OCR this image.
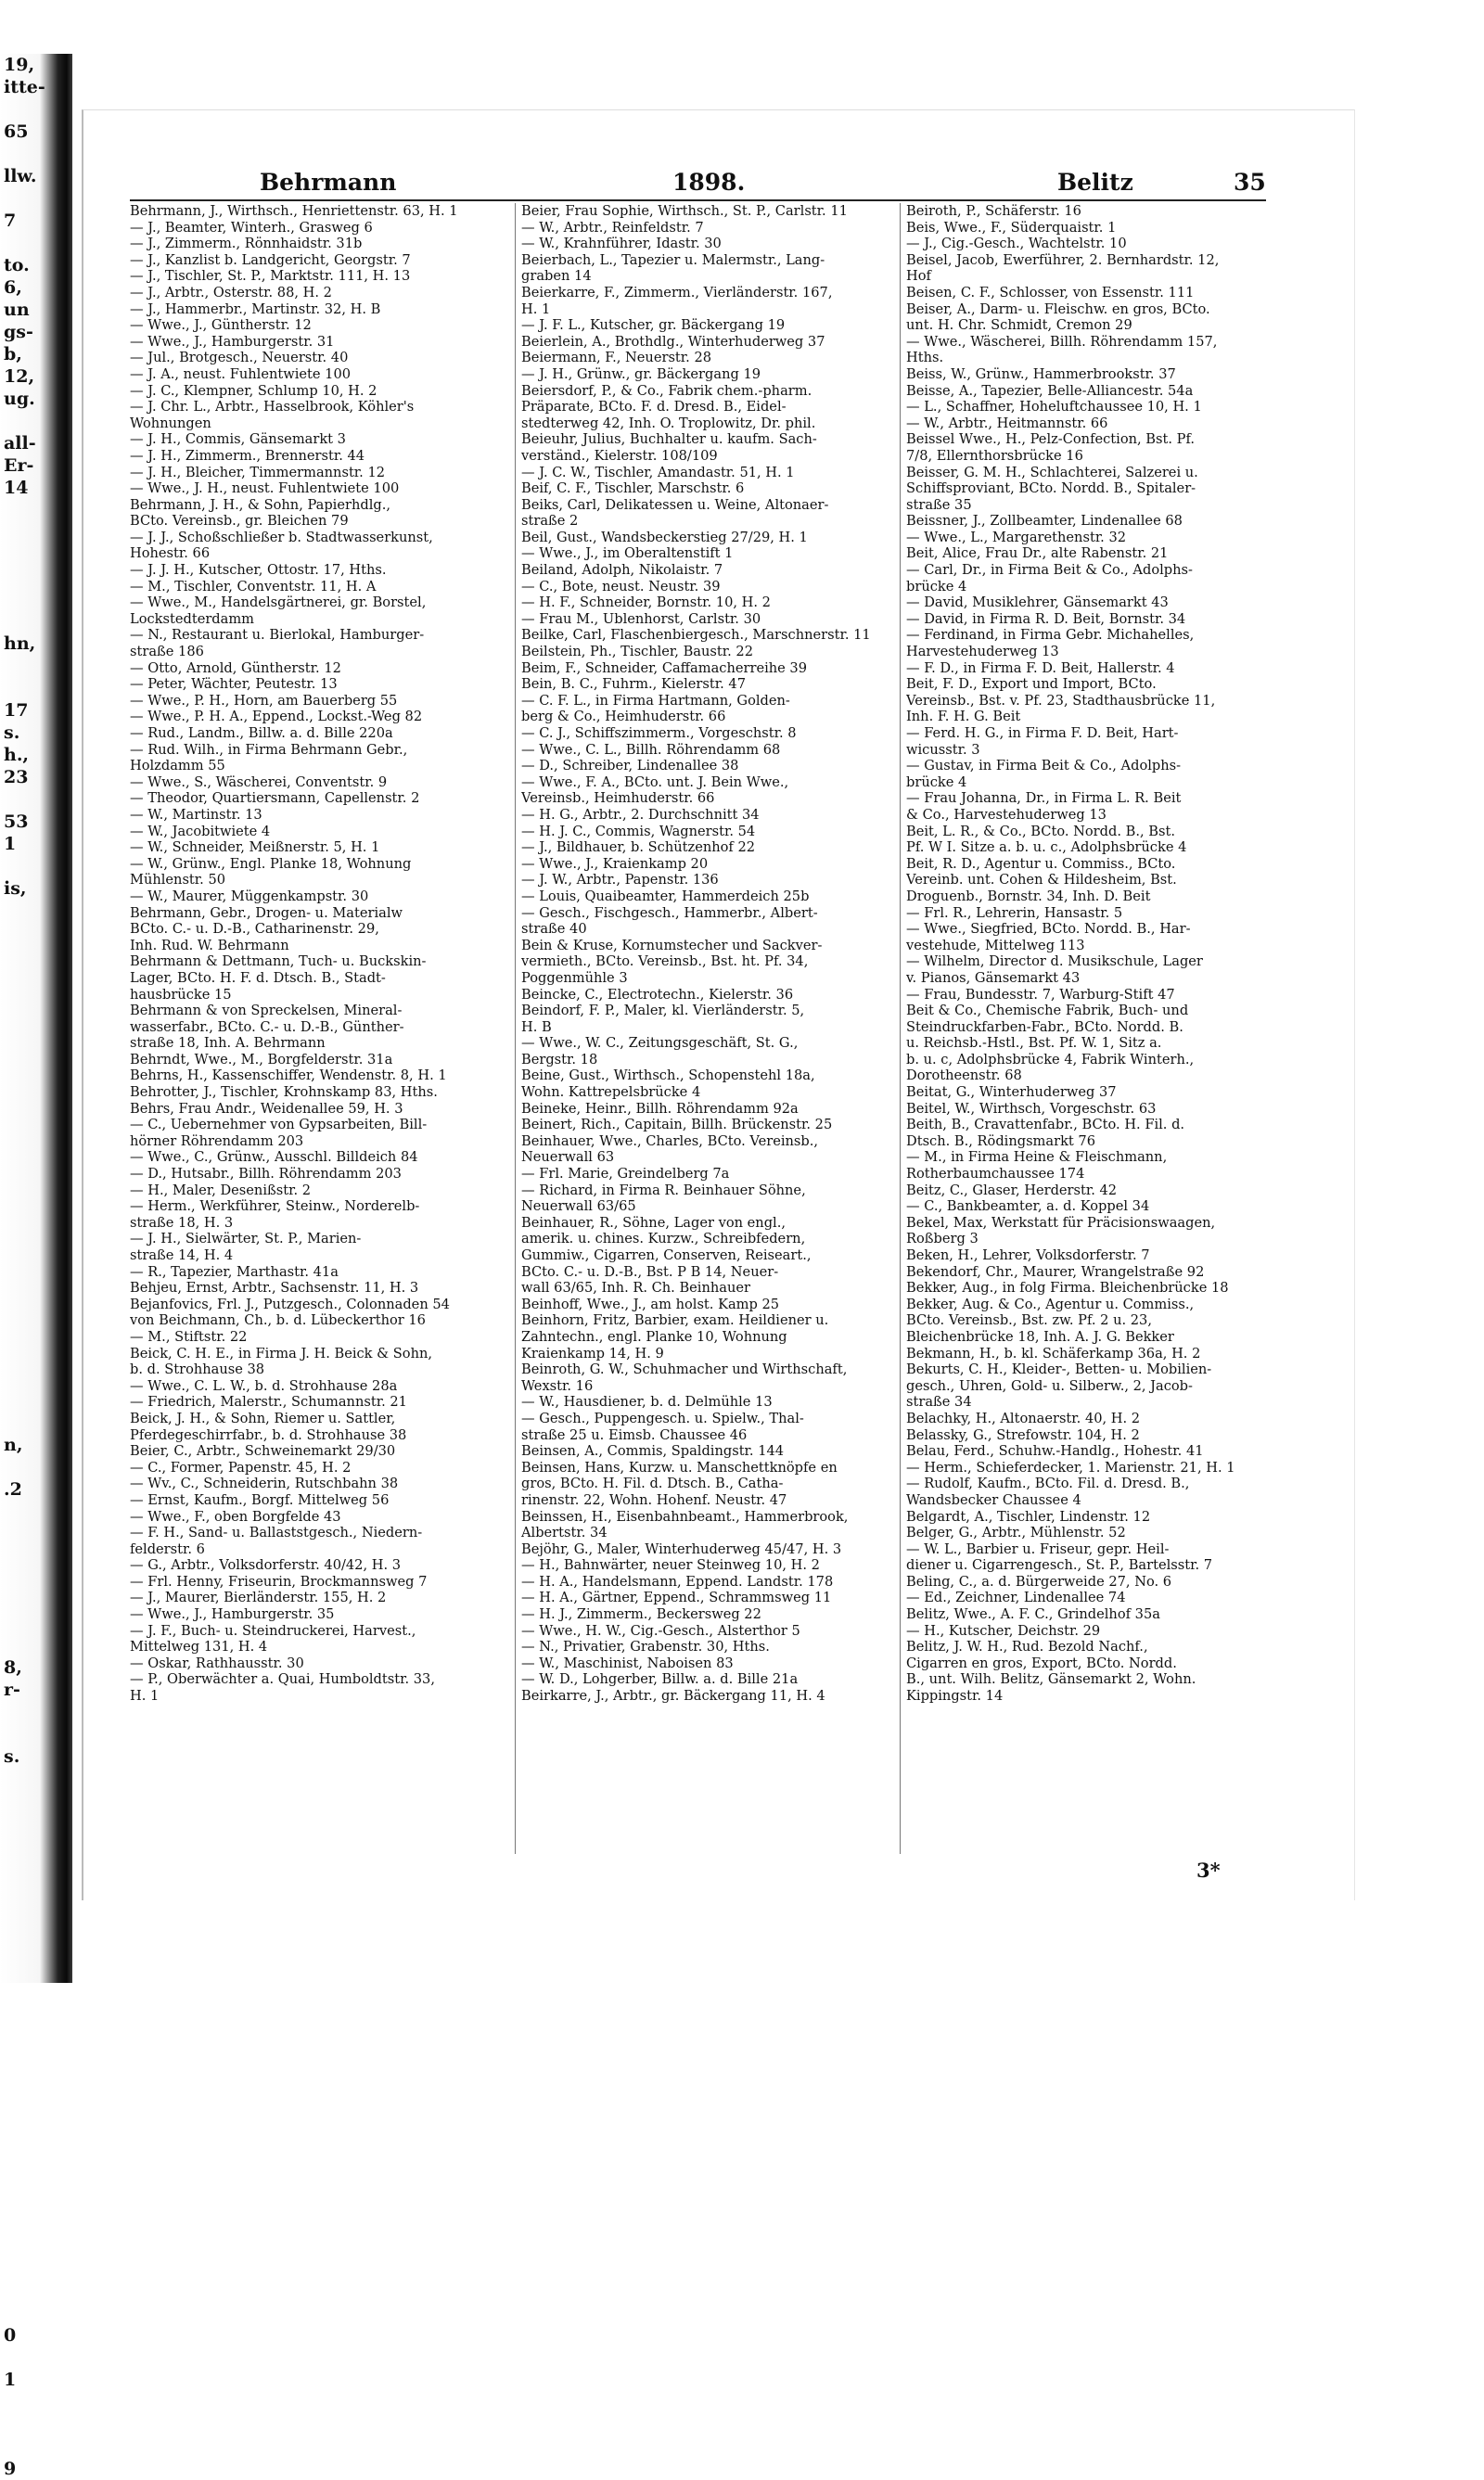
19,
itte-
65
llw.
7
to.
6,
un
gs-
b,
12,
ug.
all-
Er-
14
hn,
17
s.
h.,
23
53
1
is,
n,
.2
8,
r-
s.
0
1
9
Behrmann	1898.	Belitz	35
Behrmann, J., Wirthsch., Henriettenstr. 63, H. 1
— J., Beamter, Winterh., Grasweg 6
— J., Zimmerm., Rönnhaidstr. 31b
— J., Kanzlist b. Landgericht, Georgstr. 7
— J., Tischler, St. P., Marktstr. 111, H. 13
— J., Arbtr., Osterstr. 88, H. 2
— J., Hammerbr., Martinstr. 32, H. B
— Wwe., J., Güntherstr. 12
— Wwe., J., Hamburgerstr. 31
— Jul., Brotgesch., Neuerstr. 40
— J. A., neust. Fuhlentwiete 100
— J. C., Klempner, Schlump 10, H. 2
— J. Chr. L., Arbtr., Hasselbrook, Köhler's
Wohnungen
— J. H., Commis, Gänsemarkt 3
— J. H., Zimmerm., Brennerstr. 44
— J. H., Bleicher, Timmermannstr. 12
— Wwe., J. H., neust. Fuhlentwiete 100
Behrmann, J. H., & Sohn, Papierhdlg.,
BCto. Vereinsb., gr. Bleichen 79
— J. J., Schoßschließer b. Stadtwasserkunst,
Hohestr. 66
— J. J. H., Kutscher, Ottostr. 17, Hths.
— M., Tischler, Conventstr. 11, H. A
— Wwe., M., Handelsgärtnerei, gr. Borstel,
Lockstedterdamm
— N., Restaurant u. Bierlokal, Hamburger-
straße 186
— Otto, Arnold, Güntherstr. 12
— Peter, Wächter, Peutestr. 13
— Wwe., P. H., Horn, am Bauerberg 55
— Wwe., P. H. A., Eppend., Lockst.-Weg 82
— Rud., Landm., Billw. a. d. Bille 220a
— Rud. Wilh., in Firma Behrmann Gebr.,
Holzdamm 55
— Wwe., S., Wäscherei, Conventstr. 9
— Theodor, Quartiersmann, Capellenstr. 2
— W., Martinstr. 13
— W., Jacobitwiete 4
— W., Schneider, Meißnerstr. 5, H. 1
— W., Grünw., Engl. Planke 18, Wohnung
Mühlenstr. 50
— W., Maurer, Müggenkampstr. 30
Behrmann, Gebr., Drogen- u. Materialw
BCto. C.- u. D.-B., Catharinenstr. 29,
Inh. Rud. W. Behrmann
Behrmann & Dettmann, Tuch- u. Buckskin-
Lager, BCto. H. F. d. Dtsch. B., Stadt-
hausbrücke 15
Behrmann & von Spreckelsen, Mineral-
wasserfabr., BCto. C.- u. D.-B., Günther-
straße 18, Inh. A. Behrmann
Behrndt, Wwe., M., Borgfelderstr. 31a
Behrns, H., Kassenschiffer, Wendenstr. 8, H. 1
Behrotter, J., Tischler, Krohnskamp 83, Hths.
Behrs, Frau Andr., Weidenallee 59, H. 3
— C., Uebernehmer von Gypsarbeiten, Bill-
hörner Röhrendamm 203
— Wwe., C., Grünw., Ausschl. Billdeich 84
— D., Hutsabr., Billh. Röhrendamm 203
— H., Maler, Desenißstr. 2
— Herm., Werkführer, Steinw., Norderelb-
straße 18, H. 3
— J. H., Sielwärter, St. P., Marien-
straße 14, H. 4
— R., Tapezier, Marthastr. 41a
Behjeu, Ernst, Arbtr., Sachsenstr. 11, H. 3
Bejanfovics, Frl. J., Putzgesch., Colonnaden 54
von Beichmann, Ch., b. d. Lübeckerthor 16
— M., Stiftstr. 22
Beick, C. H. E., in Firma J. H. Beick & Sohn,
b. d. Strohhause 38
— Wwe., C. L. W., b. d. Strohhause 28a
— Friedrich, Malerstr., Schumannstr. 21
Beick, J. H., & Sohn, Riemer u. Sattler,
Pferdegeschirrfabr., b. d. Strohhause 38
Beier, C., Arbtr., Schweinemarkt 29/30
— C., Former, Papenstr. 45, H. 2
— Wv., C., Schneiderin, Rutschbahn 38
— Ernst, Kaufm., Borgf. Mittelweg 56
— Wwe., F., oben Borgfelde 43
— F. H., Sand- u. Ballaststgesch., Niedern-
felderstr. 6
— G., Arbtr., Volksdorferstr. 40/42, H. 3
— Frl. Henny, Friseurin, Brockmannsweg 7
— J., Maurer, Bierländerstr. 155, H. 2
— Wwe., J., Hamburgerstr. 35
— J. F., Buch- u. Steindruckerei, Harvest.,
Mittelweg 131, H. 4
— Oskar, Rathhausstr. 30
— P., Oberwächter a. Quai, Humboldtstr. 33,
H. 1
Beier, Frau Sophie, Wirthsch., St. P., Carlstr. 11
— W., Arbtr., Reinfeldstr. 7
— W., Krahnführer, Idastr. 30
Beierbach, L., Tapezier u. Malermstr., Lang-
graben 14
Beierkarre, F., Zimmerm., Vierländerstr. 167,
H. 1
— J. F. L., Kutscher, gr. Bäckergang 19
Beierlein, A., Brothdlg., Winterhuderweg 37
Beiermann, F., Neuerstr. 28
— J. H., Grünw., gr. Bäckergang 19
Beiersdorf, P., & Co., Fabrik chem.-pharm.
Präparate, BCto. F. d. Dresd. B., Eidel-
stedterweg 42, Inh. O. Troplowitz, Dr. phil.
Beieuhr, Julius, Buchhalter u. kaufm. Sach-
verständ., Kielerstr. 108/109
— J. C. W., Tischler, Amandastr. 51, H. 1
Beif, C. F., Tischler, Marschstr. 6
Beiks, Carl, Delikatessen u. Weine, Altonaer-
straße 2
Beil, Gust., Wandsbeckerstieg 27/29, H. 1
— Wwe., J., im Oberaltenstift 1
Beiland, Adolph, Nikolaistr. 7
— C., Bote, neust. Neustr. 39
— H. F., Schneider, Bornstr. 10, H. 2
— Frau M., Ublenhorst, Carlstr. 30
Beilke, Carl, Flaschenbiergesch., Marschnerstr. 11
Beilstein, Ph., Tischler, Baustr. 22
Beim, F., Schneider, Caffamacherreihe 39
Bein, B. C., Fuhrm., Kielerstr. 47
— C. F. L., in Firma Hartmann, Golden-
berg & Co., Heimhuderstr. 66
— C. J., Schiffszimmerm., Vorgeschstr. 8
— Wwe., C. L., Billh. Röhrendamm 68
— D., Schreiber, Lindenallee 38
— Wwe., F. A., BCto. unt. J. Bein Wwe.,
Vereinsb., Heimhuderstr. 66
— H. G., Arbtr., 2. Durchschnitt 34
— H. J. C., Commis, Wagnerstr. 54
— J., Bildhauer, b. Schützenhof 22
— Wwe., J., Kraienkamp 20
— J. W., Arbtr., Papenstr. 136
— Louis, Quaibeamter, Hammerdeich 25b
— Gesch., Fischgesch., Hammerbr., Albert-
straße 40
Bein & Kruse, Kornumstecher und Sackver-
vermieth., BCto. Vereinsb., Bst. ht. Pf. 34,
Poggenmühle 3
Beincke, C., Electrotechn., Kielerstr. 36
Beindorf, F. P., Maler, kl. Vierländerstr. 5,
H. B
— Wwe., W. C., Zeitungsgeschäft, St. G.,
Bergstr. 18
Beine, Gust., Wirthsch., Schopenstehl 18a,
Wohn. Kattrepelsbrücke 4
Beineke, Heinr., Billh. Röhrendamm 92a
Beinert, Rich., Capitain, Billh. Brückenstr. 25
Beinhauer, Wwe., Charles, BCto. Vereinsb.,
Neuerwall 63
— Frl. Marie, Greindelberg 7a
— Richard, in Firma R. Beinhauer Söhne,
Neuerwall 63/65
Beinhauer, R., Söhne, Lager von engl.,
amerik. u. chines. Kurzw., Schreibfedern,
Gummiw., Cigarren, Conserven, Reiseart.,
BCto. C.- u. D.-B., Bst. P B 14, Neuer-
wall 63/65, Inh. R. Ch. Beinhauer
Beinhoff, Wwe., J., am holst. Kamp 25
Beinhorn, Fritz, Barbier, exam. Heildiener u.
Zahntechn., engl. Planke 10, Wohnung
Kraienkamp 14, H. 9
Beinroth, G. W., Schuhmacher und Wirthschaft,
Wexstr. 16
— W., Hausdiener, b. d. Delmühle 13
— Gesch., Puppengesch. u. Spielw., Thal-
straße 25 u. Eimsb. Chaussee 46
Beinsen, A., Commis, Spaldingstr. 144
Beinsen, Hans, Kurzw. u. Manschettknöpfe en
gros, BCto. H. Fil. d. Dtsch. B., Catha-
rinenstr. 22, Wohn. Hohenf. Neustr. 47
Beinssen, H., Eisenbahnbeamt., Hammerbrook,
Albertstr. 34
Bejöhr, G., Maler, Winterhuderweg 45/47, H. 3
— H., Bahnwärter, neuer Steinweg 10, H. 2
— H. A., Handelsmann, Eppend. Landstr. 178
— H. A., Gärtner, Eppend., Schrammsweg 11
— H. J., Zimmerm., Beckersweg 22
— Wwe., H. W., Cig.-Gesch., Alsterthor 5
— N., Privatier, Grabenstr. 30, Hths.
— W., Maschinist, Naboisen 83
— W. D., Lohgerber, Billw. a. d. Bille 21a
Beirkarre, J., Arbtr., gr. Bäckergang 11, H. 4
Beiroth, P., Schäferstr. 16
Beis, Wwe., F., Süderquaistr. 1
— J., Cig.-Gesch., Wachtelstr. 10
Beisel, Jacob, Ewerführer, 2. Bernhardstr. 12,
Hof
Beisen, C. F., Schlosser, von Essenstr. 111
Beiser, A., Darm- u. Fleischw. en gros, BCto.
unt. H. Chr. Schmidt, Cremon 29
— Wwe., Wäscherei, Billh. Röhrendamm 157,
Hths.
Beiss, W., Grünw., Hammerbrookstr. 37
Beisse, A., Tapezier, Belle-Alliancestr. 54a
— L., Schaffner, Hoheluftchaussee 10, H. 1
— W., Arbtr., Heitmannstr. 66
Beissel Wwe., H., Pelz-Confection, Bst. Pf.
7/8, Ellernthorsbrücke 16
Beisser, G. M. H., Schlachterei, Salzerei u.
Schiffsproviant, BCto. Nordd. B., Spitaler-
straße 35
Beissner, J., Zollbeamter, Lindenallee 68
— Wwe., L., Margarethenstr. 32
Beit, Alice, Frau Dr., alte Rabenstr. 21
— Carl, Dr., in Firma Beit & Co., Adolphs-
brücke 4
— David, Musiklehrer, Gänsemarkt 43
— David, in Firma R. D. Beit, Bornstr. 34
— Ferdinand, in Firma Gebr. Michahelles,
Harvestehuderweg 13
— F. D., in Firma F. D. Beit, Hallerstr. 4
Beit, F. D., Export und Import, BCto.
Vereinsb., Bst. v. Pf. 23, Stadthausbrücke 11,
Inh. F. H. G. Beit
— Ferd. H. G., in Firma F. D. Beit, Hart-
wicusstr. 3
— Gustav, in Firma Beit & Co., Adolphs-
brücke 4
— Frau Johanna, Dr., in Firma L. R. Beit
& Co., Harvestehuderweg 13
Beit, L. R., & Co., BCto. Nordd. B., Bst.
Pf. W I. Sitze a. b. u. c., Adolphsbrücke 4
Beit, R. D., Agentur u. Commiss., BCto.
Vereinb. unt. Cohen & Hildesheim, Bst.
Droguenb., Bornstr. 34, Inh. D. Beit
— Frl. R., Lehrerin, Hansastr. 5
— Wwe., Siegfried, BCto. Nordd. B., Har-
vestehude, Mittelweg 113
— Wilhelm, Director d. Musikschule, Lager
v. Pianos, Gänsemarkt 43
— Frau, Bundesstr. 7, Warburg-Stift 47
Beit & Co., Chemische Fabrik, Buch- und
Steindruckfarben-Fabr., BCto. Nordd. B.
u. Reichsb.-Hstl., Bst. Pf. W. 1, Sitz a.
b. u. c, Adolphsbrücke 4, Fabrik Winterh.,
Dorotheenstr. 68
Beitat, G., Winterhuderweg 37
Beitel, W., Wirthsch, Vorgeschstr. 63
Beith, B., Cravattenfabr., BCto. H. Fil. d.
Dtsch. B., Rödingsmarkt 76
— M., in Firma Heine & Fleischmann,
Rotherbaumchaussee 174
Beitz, C., Glaser, Herderstr. 42
— C., Bankbeamter, a. d. Koppel 34
Bekel, Max, Werkstatt für Präcisionswaagen,
Roßberg 3
Beken, H., Lehrer, Volksdorferstr. 7
Bekendorf, Chr., Maurer, Wrangelstraße 92
Bekker, Aug., in folg Firma. Bleichenbrücke 18
Bekker, Aug. & Co., Agentur u. Commiss.,
BCto. Vereinsb., Bst. zw. Pf. 2 u. 23,
Bleichenbrücke 18, Inh. A. J. G. Bekker
Bekmann, H., b. kl. Schäferkamp 36a, H. 2
Bekurts, C. H., Kleider-, Betten- u. Mobilien-
gesch., Uhren, Gold- u. Silberw., 2, Jacob-
straße 34
Belachky, H., Altonaerstr. 40, H. 2
Belassky, G., Strefowstr. 104, H. 2
Belau, Ferd., Schuhw.-Handlg., Hohestr. 41
— Herm., Schieferdecker, 1. Marienstr. 21, H. 1
— Rudolf, Kaufm., BCto. Fil. d. Dresd. B.,
Wandsbecker Chaussee 4
Belgardt, A., Tischler, Lindenstr. 12
Belger, G., Arbtr., Mühlenstr. 52
— W. L., Barbier u. Friseur, gepr. Heil-
diener u. Cigarrengesch., St. P., Bartelsstr. 7
Beling, C., a. d. Bürgerweide 27, No. 6
— Ed., Zeichner, Lindenallee 74
Belitz, Wwe., A. F. C., Grindelhof 35a
— H., Kutscher, Deichstr. 29
Belitz, J. W. H., Rud. Bezold Nachf.,
Cigarren en gros, Export, BCto. Nordd.
B., unt. Wilh. Belitz, Gänsemarkt 2, Wohn.
Kippingstr. 14
3*
